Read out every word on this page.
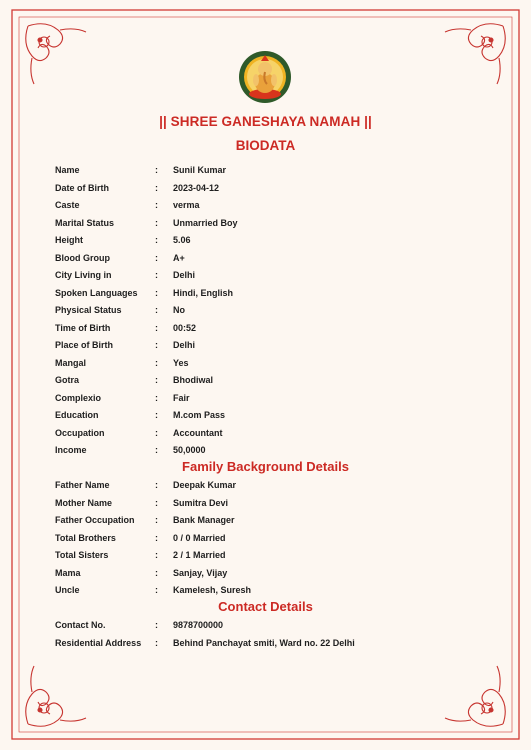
|| SHREE GANESHAYA NAMAH ||
BIODATA
Name	:	Sunil Kumar
Date of Birth	:	2023-04-12
Caste	:	verma
Marital Status	:	Unmarried Boy
Height	:	5.06
Blood Group	:	A+
City Living in	:	Delhi
Spoken Languages	:	Hindi, English
Physical Status	:	No
Time of Birth	:	00:52
Place of Birth	:	Delhi
Mangal	:	Yes
Gotra	:	Bhodiwal
Complexio	:	Fair
Education	:	M.com Pass
Occupation	:	Accountant
Income	:	50,0000
Family Background Details
Father Name	:	Deepak Kumar
Mother Name	:	Sumitra Devi
Father Occupation	:	Bank Manager
Total Brothers	:	0 / 0 Married
Total Sisters	:	2 / 1 Married
Mama	:	Sanjay, Vijay
Uncle	:	Kamelesh, Suresh
Contact Details
Contact No.	:	9878700000
Residential Address	:	Behind Panchayat smiti, Ward no. 22 Delhi
